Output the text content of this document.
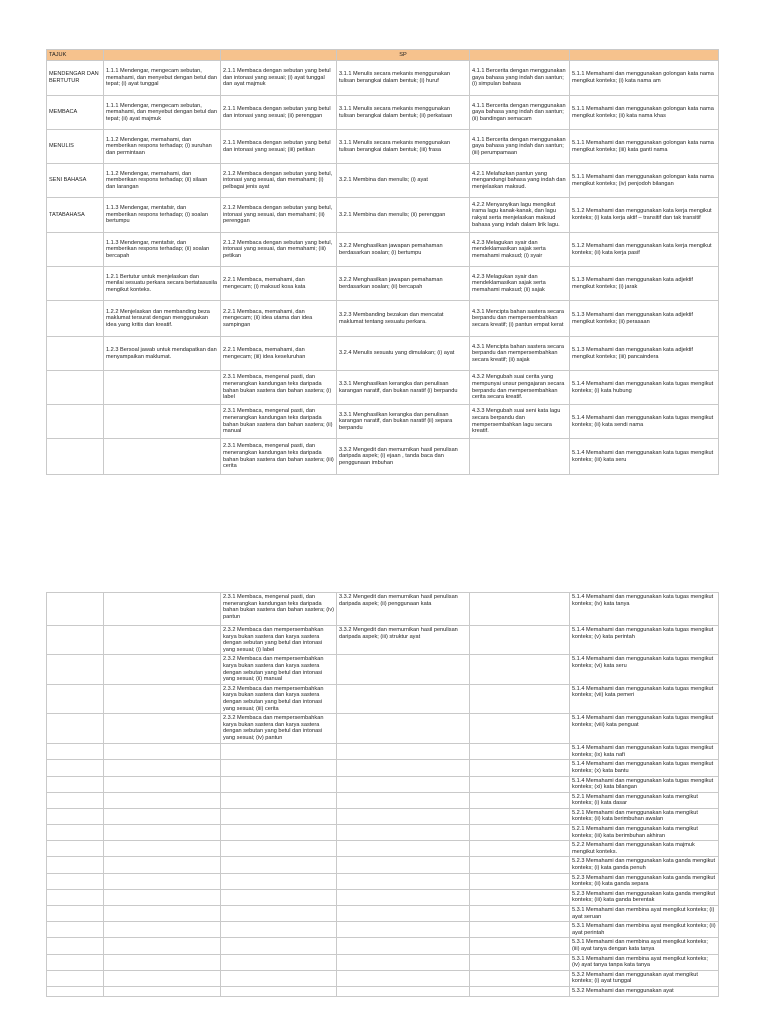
TAJUK			SP		
MENDENGAR DAN BERTUTUR	1.1.1 Mendengar, mengecam sebutan, memahami, dan menyebut dengan betul dan tepat; (i) ayat tunggal	2.1.1 Membaca dengan sebutan yang betul dan intonasi yang sesuai; (i) ayat tunggal dan ayat majmuk	3.1.1 Menulis secara mekanis menggunakan tulisan berangkai dalam bentuk; (i) huruf	4.1.1 Bercerita dengan menggunakan gaya bahasa yang indah dan santun; (i) simpulan bahasa	5.1.1 Memahami dan menggunakan golongan kata nama mengikut konteks; (i) kata nama am
MEMBACA	1.1.1 Mendengar, mengecam sebutan, memahami, dan menyebut dengan betul dan tepat; (ii) ayat majmuk	2.1.1 Membaca dengan sebutan yang betul dan intonasi yang sesuai; (ii) perenggan	3.1.1 Menulis secara mekanis menggunakan tulisan berangkai dalam bentuk; (ii) perkataan	4.1.1 Bercerita dengan menggunakan gaya bahasa yang indah dan santun; (ii) bandingan semacam	5.1.1 Memahami dan menggunakan golongan kata nama mengikut konteks; (ii) kata nama khas
MENULIS	1.1.2 Mendengar, memahami, dan memberikan respons terhadap; (i) suruhan dan permintaan	2.1.1 Membaca dengan sebutan yang betul dan intonasi yang sesuai; (iii) petikan	3.1.1 Menulis secara mekanis menggunakan tulisan berangkai dalam bentuk; (iii) frasa	4.1.1 Bercerita dengan menggunakan gaya bahasa yang indah dan santun; (iii) perumpamaan	5.1.1 Memahami dan menggunakan golongan kata nama mengikut konteks; (iii) kata ganti nama
SENI BAHASA	1.1.2 Mendengar, memahami, dan memberikan respons terhadap; (ii) silaan dan larangan	2.1.2 Membaca dengan sebutan yang betul, intonasi yang sesuai, dan memahami; (i) pelbagai jenis ayat	3.2.1 Membina dan menulis; (i) ayat	4.2.1 Melafazkan pantun yang mengandungi bahasa yang indah dan menjelaskan maksud.	5.1.1 Memahami dan menggunakan golongan kata nama mengikut konteks; (iv) penjodoh bilangan
TATABAHASA	1.1.3 Mendengar, mentafsir, dan memberikan respons terhadap; (i) soalan bertumpu	2.1.2 Membaca dengan sebutan yang betul, intonasi yang sesuai, dan memahami; (ii) perenggan	3.2.1 Membina dan menulis; (ii) perenggan	4.2.2 Menyanyikan lagu mengikut irama lagu kanak-kanak, dan lagu rakyat serta menjelaskan maksud bahasa yang indah dalam lirik lagu.	5.1.2 Memahami dan menggunakan kata kerja mengikut konteks; (i) kata kerja aktif – transitif dan tak transitif
	1.1.3 Mendengar, mentafsir, dan memberikan respons terhadap; (ii) soalan bercapah	2.1.2 Membaca dengan sebutan yang betul, intonasi yang sesuai, dan memahami; (iii) petikan	3.2.2 Menghasilkan jawapan pemahaman berdasarkan soalan; (i) bertumpu	4.2.3 Melagukan syair dan mendeklamasikan sajak serta memahami maksud; (i) syair	5.1.2 Memahami dan menggunakan kata kerja mengikut konteks; (ii) kata kerja pasif
	1.2.1 Bertutur untuk menjelaskan dan menilai sesuatu perkara secara bertatasusila mengikut konteks.	2.2.1 Membaca, memahami, dan mengecam; (i) maksud kosa kata	3.2.2 Menghasilkan jawapan pemahaman berdasarkan soalan; (ii) bercapah	4.2.3 Melagukan syair dan mendeklamasikan sajak serta memahami maksud; (ii) sajak	5.1.3 Memahami dan menggunakan kata adjektif mengikut konteks; (i) jarak
	1.2.2 Menjelaskan dan membanding beza maklumat tersurat dengan menggunakan idea yang kritis dan kreatif.	2.2.1 Membaca, memahami, dan mengecam; (ii) idea utama dan idea sampingan	3.2.3 Membanding bezakan dan mencatat maklumat tentang sesuatu perkara.	4.3.1 Mencipta bahan sastera secara berpandu dan mempersembahkan secara kreatif; (i) pantun empat kerat	5.1.3 Memahami dan menggunakan kata adjektif mengikut konteks; (ii) perasaan
	1.2.3 Bersoal jawab untuk mendapatkan dan menyampaikan maklumat.	2.2.1 Membaca, memahami, dan mengecam; (iii) idea keseluruhan	3.2.4 Menulis sesuatu yang dimulakan; (i) ayat	4.3.1 Mencipta bahan sastera secara berpandu dan mempersembahkan secara kreatif; (ii) sajak	5.1.3 Memahami dan menggunakan kata adjektif mengikut konteks; (iii) pancaindera
		2.3.1 Membaca, mengenal pasti, dan menerangkan kandungan teks daripada bahan bukan sastera dan bahan sastera; (i) label	3.3.1 Menghasilkan kerangka dan penulisan karangan naratif, dan bukan naratif (i) berpandu	4.3.2 Mengubah suai cerita yang mempunyai unsur pengajaran secara berpandu dan mempersembahkan cerita secara kreatif.	5.1.4 Memahami dan menggunakan kata tugas mengikut konteks; (i) kata hubung
		2.3.1 Membaca, mengenal pasti, dan menerangkan kandungan teks daripada bahan bukan sastera dan bahan sastera; (ii) manual	3.3.1 Menghasilkan kerangka dan penulisan karangan naratif, dan bukan naratif (ii) separa berpandu	4.3.3 Mengubah suai seni kata lagu secara berpandu dan mempersembahkan lagu secara kreatif.	5.1.4 Memahami dan menggunakan kata tugas mengikut konteks; (ii) kata sendi nama
		2.3.1 Membaca, mengenal pasti, dan menerangkan kandungan teks daripada bahan bukan sastera dan bahan sastera; (iii) cerita	3.3.2 Mengedit dan memurnikan hasil penulisan daripada aspek; (i) ejaan , tanda baca dan penggunaan imbuhan		5.1.4 Memahami dan menggunakan kata tugas mengikut konteks; (iii) kata seru
		2.3.1 Membaca, mengenal pasti, dan menerangkan kandungan teks daripada bahan bukan sastera dan bahan sastera; (iv) pantun	3.3.2 Mengedit dan memurnikan hasil penulisan daripada aspek; (ii) penggunaan kata		5.1.4 Memahami dan menggunakan kata tugas mengikut konteks; (iv) kata tanya
		2.3.2 Membaca dan mempersembahkan karya bukan sastera dan karya sastera dengan sebutan yang betul dan intonasi yang sesuai; (i) label	3.3.2 Mengedit dan memurnikan hasil penulisan daripada aspek; (iii) struktur ayat		5.1.4 Memahami dan menggunakan kata tugas mengikut konteks; (v) kata perintah
		2.3.2 Membaca dan mempersembahkan karya bukan sastera dan karya sastera dengan sebutan yang betul dan intonasi yang sesuai; (ii) manual			5.1.4 Memahami dan menggunakan kata tugas mengikut konteks; (vi) kata seru
		2.3.2 Membaca dan mempersembahkan karya bukan sastera dan karya sastera dengan sebutan yang betul dan intonasi yang sesuai; (iii) cerita			5.1.4 Memahami dan menggunakan kata tugas mengikut konteks; (vii) kata pemeri
		2.3.2 Membaca dan mempersembahkan karya bukan sastera dan karya sastera dengan sebutan yang betul dan intonasi yang sesuai; (iv) pantun			5.1.4 Memahami dan menggunakan kata tugas mengikut konteks; (viii) kata penguat
					5.1.4 Memahami dan menggunakan kata tugas mengikut konteks; (ix) kata nafi
					5.1.4 Memahami dan menggunakan kata tugas mengikut konteks; (x) kata bantu
					5.1.4 Memahami dan menggunakan kata tugas mengikut konteks; (xi) kata bilangan
					5.2.1 Memahami dan menggunakan kata mengikut konteks; (i) kata dasar
					5.2.1 Memahami dan menggunakan kata mengikut konteks; (ii) kata berimbuhan awalan
					5.2.1 Memahami dan menggunakan kata mengikut konteks; (iii) kata berimbuhan akhiran
					5.2.2 Memahami dan menggunakan kata majmuk mengikut konteks.
					5.2.3 Memahami dan menggunakan kata ganda mengikut konteks; (i) kata ganda penuh
					5.2.3 Memahami dan menggunakan kata ganda mengikut konteks; (ii) kata ganda separa
					5.2.3 Memahami dan menggunakan kata ganda mengikut konteks; (iii) kata ganda berentak
					5.3.1 Memahami dan membina ayat mengikut konteks; (i) ayat seruan
					5.3.1 Memahami dan membina ayat mengikut konteks; (ii) ayat perintah
					5.3.1 Memahami dan membina ayat mengikut konteks; (iii) ayat tanya dengan kata tanya
					5.3.1 Memahami dan membina ayat mengikut konteks; (iv) ayat tanya tanpa kata tanya
					5.3.2 Memahami dan menggunakan ayat mengikut konteks; (i) ayat tunggal
					5.3.2 Memahami dan menggunakan ayat
